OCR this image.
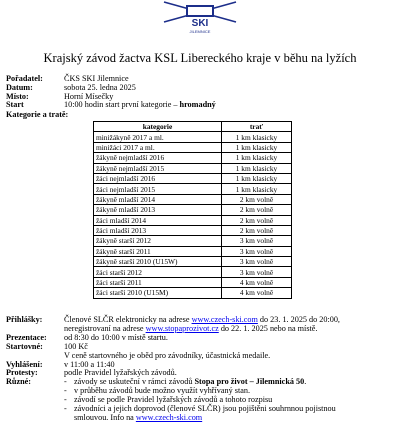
SKI
JILEMNICE
Krajský závod žactva KSL Libereckého kraje v běhu na lyžích
Pořadatel:	ČKS SKI Jilemnice
Datum:	sobota 25. ledna 2025
Místo:	Horní Mísečky
Start	10:00 hodin start první kategorie – hromadný
Kategorie a tratě:
kategorie	trať
minižákyně 2017 a ml.	1 km klasicky
minižáci 2017 a ml.	1 km klasicky
žákyně nejmladší 2016	1 km klasicky
žákyně nejmladší 2015	1 km klasicky
žáci nejmladší 2016	1 km klasicky
žáci nejmladší 2015	1 km klasicky
žákyně mladší 2014	2 km volně
žákyně mladší 2013	2 km volně
žáci mladší 2014	2 km volně
žáci mladší 2013	2 km volně
žákyně starší 2012	3 km volně
žákyně starší 2011	3 km volně
žákyně starší 2010 (U15W)	3 km volně
žáci starší 2012	3 km volně
žáci starší 2011	4 km volně
žáci starší 2010 (U15M)	4 km volně
Přihlášky:	Členové SLČR elektronicky na adrese www.czech-ski.com do 23. 1. 2025 do 20:00,
neregistrovaní na adrese www.stopaprozivot.cz do 22. 1. 2025 nebo na místě.
Prezentace:	od 8:30 do 10:00 v místě startu.
Startovné:	100 Kč
V ceně startovného je oběd pro závodníky, účastnická medaile.
Vyhlášení:	v 11:00 a 11:40
Protesty:	podle Pravidel lyžařských závodů.
Různé:	- závody se uskuteční v rámci závodů Stopa pro život – Jilemnická 50.
- v průběhu závodů bude možno využít vyhřívaný stan.
- závodí se podle Pravidel lyžařských závodů a tohoto rozpisu
- závodníci a jejich doprovod (členové SLČR) jsou pojištěni souhrnnou pojistnou
smlouvou. Info na www.czech-ski.com
